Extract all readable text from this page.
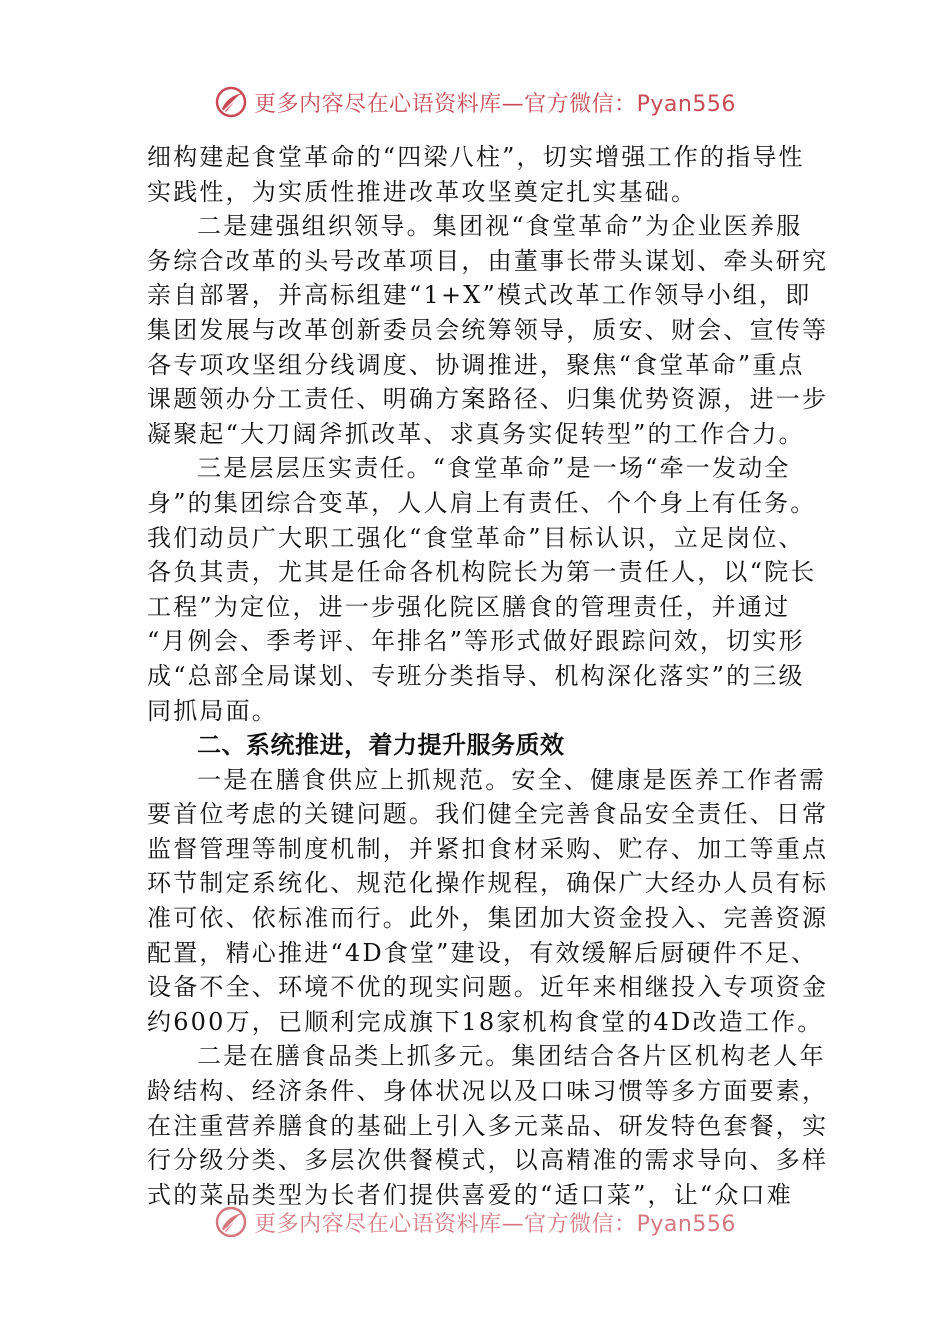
更多内容尽在心语资料库—官方微信：Pyan556
细构建起食堂革命的“四梁八柱”，切实增强工作的指导性
实践性，为实质性推进改革攻坚奠定扎实基础。
二是建强组织领导。集团视“食堂革命”为企业医养服
务综合改革的头号改革项目，由董事长带头谋划、牵头研究
亲自部署，并高标组建“1+X”模式改革工作领导小组，即
集团发展与改革创新委员会统筹领导，质安、财会、宣传等
各专项攻坚组分线调度、协调推进，聚焦“食堂革命”重点
课题领办分工责任、明确方案路径、归集优势资源，进一步
凝聚起“大刀阔斧抓改革、求真务实促转型”的工作合力。
三是层层压实责任。“食堂革命”是一场“牵一发动全
身”的集团综合变革，人人肩上有责任、个个身上有任务。
我们动员广大职工强化“食堂革命”目标认识，立足岗位、
各负其责，尤其是任命各机构院长为第一责任人，以“院长
工程”为定位，进一步强化院区膳食的管理责任，并通过
“月例会、季考评、年排名”等形式做好跟踪问效，切实形
成“总部全局谋划、专班分类指导、机构深化落实”的三级
同抓局面。
二、系统推进，着力提升服务质效
一是在膳食供应上抓规范。安全、健康是医养工作者需
要首位考虑的关键问题。我们健全完善食品安全责任、日常
监督管理等制度机制，并紧扣食材采购、贮存、加工等重点
环节制定系统化、规范化操作规程，确保广大经办人员有标
准可依、依标准而行。此外，集团加大资金投入、完善资源
配置，精心推进“4D食堂”建设，有效缓解后厨硬件不足、
设备不全、环境不优的现实问题。近年来相继投入专项资金
约600万，已顺利完成旗下18家机构食堂的4D改造工作。
二是在膳食品类上抓多元。集团结合各片区机构老人年
龄结构、经济条件、身体状况以及口味习惯等多方面要素，
在注重营养膳食的基础上引入多元菜品、研发特色套餐，实
行分级分类、多层次供餐模式，以高精准的需求导向、多样
式的菜品类型为长者们提供喜爱的“适口菜”，让“众口难
更多内容尽在心语资料库—官方微信：Pyan556
